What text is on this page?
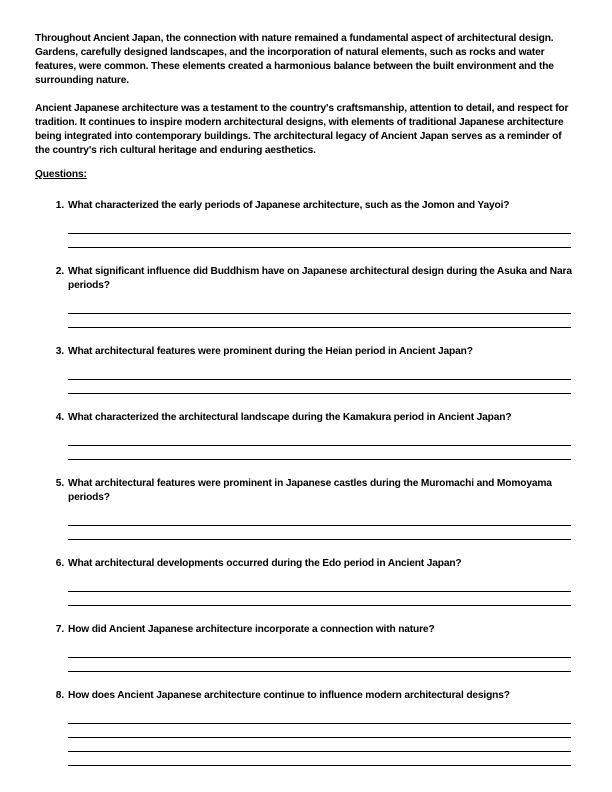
Throughout Ancient Japan, the connection with nature remained a fundamental aspect of architectural design. Gardens, carefully designed landscapes, and the incorporation of natural elements, such as rocks and water features, were common. These elements created a harmonious balance between the built environment and the surrounding nature.

Ancient Japanese architecture was a testament to the country's craftsmanship, attention to detail, and respect for tradition. It continues to inspire modern architectural designs, with elements of traditional Japanese architecture being integrated into contemporary buildings. The architectural legacy of Ancient Japan serves as a reminder of the country's rich cultural heritage and enduring aesthetics.

Questions:
1. What characterized the early periods of Japanese architecture, such as the Jomon and Yayoi?
2. What significant influence did Buddhism have on Japanese architectural design during the Asuka and Nara periods?
3. What architectural features were prominent during the Heian period in Ancient Japan?
4. What characterized the architectural landscape during the Kamakura period in Ancient Japan?
5. What architectural features were prominent in Japanese castles during the Muromachi and Momoyama periods?
6. What architectural developments occurred during the Edo period in Ancient Japan?
7. How did Ancient Japanese architecture incorporate a connection with nature?
8. How does Ancient Japanese architecture continue to influence modern architectural designs?
